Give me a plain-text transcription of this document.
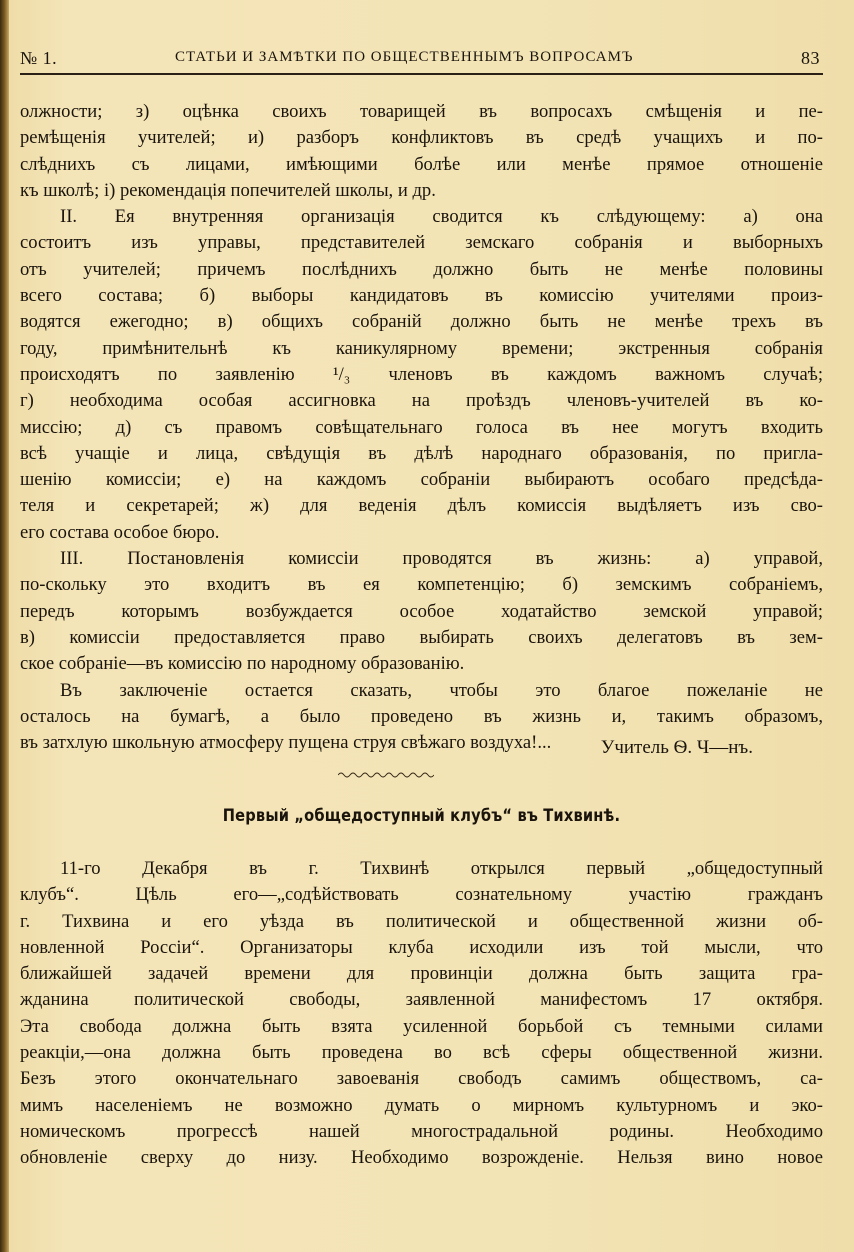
№ 1.	СТАТЬИ И ЗАМѢТКИ ПО ОБЩЕСТВЕННЫМЪ ВОПРОСАМЪ	83
олжности; з) оцѣнка своихъ товарищей въ вопросахъ смѣщенія и пе-
ремѣщенія учителей; и) разборъ конфликтовъ въ средѣ учащихъ и по-
слѣднихъ съ лицами, имѣющими болѣе или менѣе прямое отношеніе
къ школѣ; і) рекомендація попечителей школы, и др.
II. Ея внутренняя организація сводится къ слѣдующему: а) она
состоитъ изъ управы, представителей земскаго собранія и выборныхъ
отъ учителей; причемъ послѣднихъ должно быть не менѣе половины
всего состава; б) выборы кандидатовъ въ комиссію учителями произ-
водятся ежегодно; в) общихъ собраній должно быть не менѣе трехъ въ
году, примѣнительнѣ къ каникулярному времени; экстренныя собранія
происходятъ по заявленію ¹/₃ членовъ въ каждомъ важномъ случаѣ;
г) необходима особая ассигновка на проѣздъ членовъ-учителей въ ко-
миссію; д) съ правомъ совѣщательнаго голоса въ нее могутъ входить
всѣ учащіе и лица, свѣдущія въ дѣлѣ народнаго образованія, по пригла-
шенію комиссіи; е) на каждомъ собраніи выбираютъ особаго предсѣда-
теля и секретарей; ж) для веденія дѣлъ комиссія выдѣляетъ изъ сво-
его состава особое бюро.
III. Постановленія комиссіи проводятся въ жизнь: а) управой,
по-скольку это входитъ въ ея компетенцію; б) земскимъ собраніемъ,
передъ которымъ возбуждается особое ходатайство земской управой;
в) комиссіи предоставляется право выбирать своихъ делегатовъ въ зем-
ское собраніе—въ комиссію по народному образованію.
Въ заключеніе остается сказать, чтобы это благое пожеланіе не
осталось на бумагѣ, а было проведено въ жизнь и, такимъ образомъ,
въ затхлую школьную атмосферу пущена струя свѣжаго воздуха!...	Учитель Ѳ. Ч—нъ.
Первый „общедоступный клубъ“ въ Тихвинѣ.
11-го Декабря въ г. Тихвинѣ открылся первый „общедоступный
клубъ“. Цѣль его—„содѣйствовать сознательному участію гражданъ
г. Тихвина и его уѣзда въ политической и общественной жизни об-
новленной Россіи“. Организаторы клуба исходили изъ той мысли, что
ближайшей задачей времени для провинціи должна быть защита гра-
жданина политической свободы, заявленной манифестомъ 17 октября.
Эта свобода должна быть взята усиленной борьбой съ темными силами
реакціи,—она должна быть проведена во всѣ сферы общественной жизни.
Безъ этого окончательнаго завоеванія свободъ самимъ обществомъ, са-
мимъ населеніемъ не возможно думать о мирномъ культурномъ и эко-
номическомъ прогрессѣ нашей многострадальной родины. Необходимо
обновленіе сверху до низу. Необходимо возрожденіе. Нельзя вино новое
